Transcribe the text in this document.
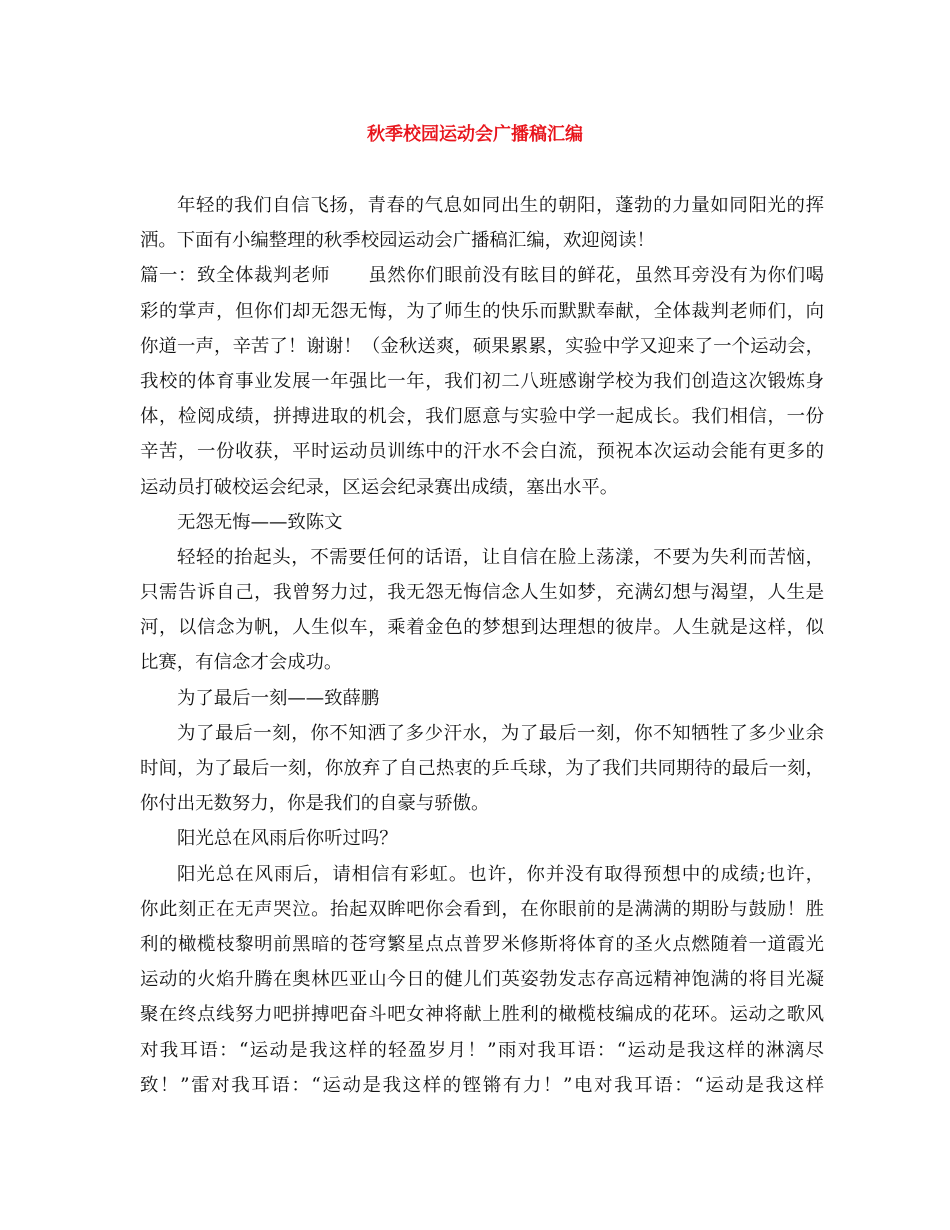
秋季校园运动会广播稿汇编
年轻的我们自信飞扬，青春的气息如同出生的朝阳，蓬勃的力量如同阳光的挥
洒。下面有小编整理的秋季校园运动会广播稿汇编，欢迎阅读！
篇一：致全体裁判老师　　虽然你们眼前没有眩目的鲜花，虽然耳旁没有为你们喝
彩的掌声，但你们却无怨无悔，为了师生的快乐而默默奉献，全体裁判老师们，向
你道一声，辛苦了！谢谢！（金秋送爽，硕果累累，实验中学又迎来了一个运动会，
我校的体育事业发展一年强比一年，我们初二八班感谢学校为我们创造这次锻炼身
体，检阅成绩，拼搏进取的机会，我们愿意与实验中学一起成长。我们相信，一份
辛苦，一份收获，平时运动员训练中的汗水不会白流，预祝本次运动会能有更多的
运动员打破校运会纪录，区运会纪录赛出成绩，塞出水平。
无怨无悔——致陈文
轻轻的抬起头，不需要任何的话语，让自信在脸上荡漾，不要为失利而苦恼，
只需告诉自己，我曾努力过，我无怨无悔信念人生如梦，充满幻想与渴望，人生是
河，以信念为帆，人生似车，乘着金色的梦想到达理想的彼岸。人生就是这样，似
比赛，有信念才会成功。
为了最后一刻——致薛鹏
为了最后一刻，你不知洒了多少汗水，为了最后一刻，你不知牺牲了多少业余
时间，为了最后一刻，你放弃了自己热衷的乒乓球，为了我们共同期待的最后一刻，
你付出无数努力，你是我们的自豪与骄傲。
阳光总在风雨后你听过吗？
阳光总在风雨后，请相信有彩虹。也许，你并没有取得预想中的成绩;也许，
你此刻正在无声哭泣。抬起双眸吧你会看到，在你眼前的是满满的期盼与鼓励！胜
利的橄榄枝黎明前黑暗的苍穹繁星点点普罗米修斯将体育的圣火点燃随着一道霞光
运动的火焰升腾在奥林匹亚山今日的健儿们英姿勃发志存高远精神饱满的将目光凝
聚在终点线努力吧拼搏吧奋斗吧女神将献上胜利的橄榄枝编成的花环。运动之歌风
对我耳语：“运动是我这样的轻盈岁月！”雨对我耳语：“运动是我这样的淋漓尽
致！”雷对我耳语：“运动是我这样的铿锵有力！”电对我耳语：“运动是我这样
